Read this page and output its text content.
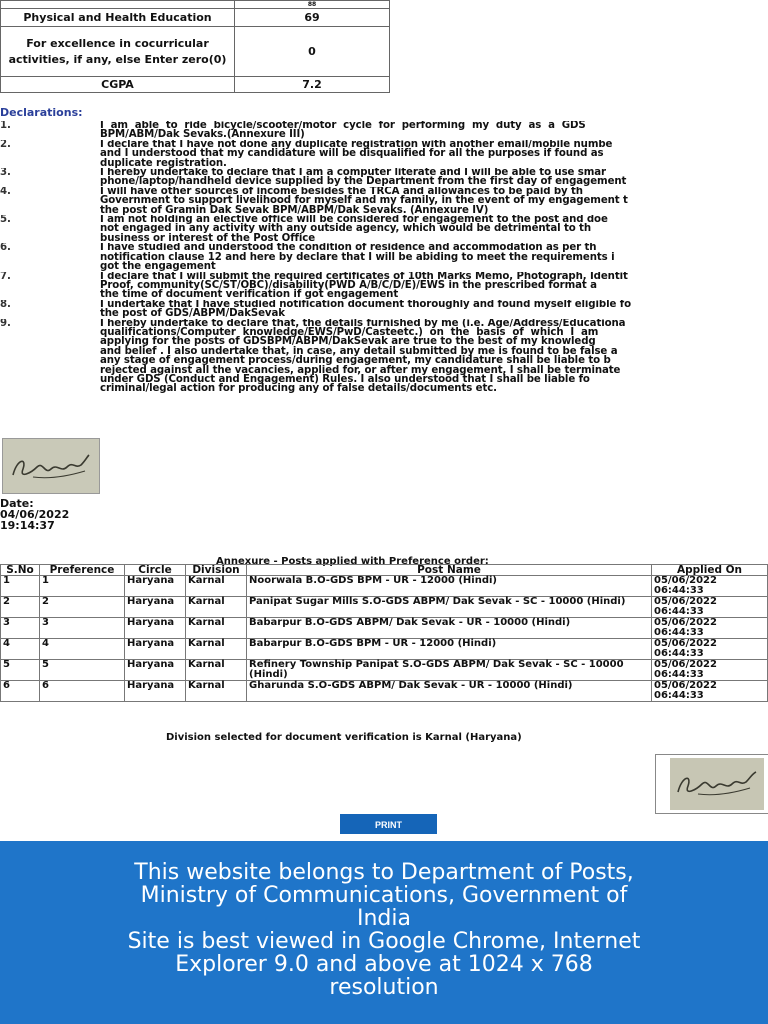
	88
Physical and Health Education	69
For excellence in cocurricular activities, if any, else Enter zero(0)	0
CGPA	7.2
Declarations:
1.	I  am  able  to  ride  bicycle/scooter/motor  cycle  for  performing  my  duty  as  a  GDS
BPM/ABM/Dak Sevaks.(Annexure III)
2.	I declare that I have not done any duplicate registration with another email/mobile numbe
and I understood that my candidature will be disqualified for all the purposes if found as
duplicate registration.
3.	I hereby undertake to declare that I am a computer literate and I will be able to use smar
phone/laptop/handheld device supplied by the Department from the first day of engagement
4.	I will have other sources of income besides the TRCA and allowances to be paid by th
Government to support livelihood for myself and my family, in the event of my engagement t
the post of Gramin Dak Sevak BPM/ABPM/Dak Sevaks. (Annexure IV)
5.	I am not holding an elective office will be considered for engagement to the post and doe
not engaged in any activity with any outside agency, which would be detrimental to th
business or interest of the Post Office
6.	I have studied and understood the condition of residence and accommodation as per th
notification clause 12 and here by declare that I will be abiding to meet the requirements i
got the engagement
7.	I declare that I will submit the required certificates of 10th Marks Memo, Photograph, Identit
Proof, community(SC/ST/OBC)/disability(PWD A/B/C/D/E)/EWS in the prescribed format a
the time of document verification if got engagement
8.	I undertake that I have studied notification document thoroughly and found myself eligible fo
the post of GDS/ABPM/DakSevak
9.	I hereby undertake to declare that, the details furnished by me (i.e. Age/Address/Educationa
qualifications/Computer  knowledge/EWS/PwD/Casteetc.)  on  the  basis  of  which  I  am
applying for the posts of GDSBPM/ABPM/DakSevak are true to the best of my knowledg
and belief . I also undertake that, in case, any detail submitted by me is found to be false a
any stage of engagement process/during engagement, my candidature shall be liable to b
rejected against all the vacancies, applied for, or after my engagement, I shall be terminate
under GDS (Conduct and Engagement) Rules. I also understood that I shall be liable fo
criminal/legal action for producing any of false details/documents etc.
Date:
04/06/2022
19:14:37
Annexure - Posts applied with Preference order:
S.No	Preference	Circle	Division	Post Name	Applied On
1	1	Haryana	Karnal	Noorwala B.O-GDS BPM - UR - 12000 (Hindi)	05/06/2022
06:44:33
2	2	Haryana	Karnal	Panipat Sugar Mills S.O-GDS ABPM/ Dak Sevak - SC - 10000 (Hindi)	05/06/2022
06:44:33
3	3	Haryana	Karnal	Babarpur B.O-GDS ABPM/ Dak Sevak - UR - 10000 (Hindi)	05/06/2022
06:44:33
4	4	Haryana	Karnal	Babarpur B.O-GDS BPM - UR - 12000 (Hindi)	05/06/2022
06:44:33
5	5	Haryana	Karnal	Refinery Township Panipat S.O-GDS ABPM/ Dak Sevak - SC - 10000 (Hindi)	05/06/2022
06:44:33
6	6	Haryana	Karnal	Gharunda S.O-GDS ABPM/ Dak Sevak - UR - 10000 (Hindi)	05/06/2022
06:44:33
Division selected for document verification is Karnal (Haryana)
PRINT
This website belongs to Department of Posts,
Ministry of Communications, Government of
India
Site is best viewed in Google Chrome, Internet
Explorer 9.0 and above at 1024 x 768
resolution
